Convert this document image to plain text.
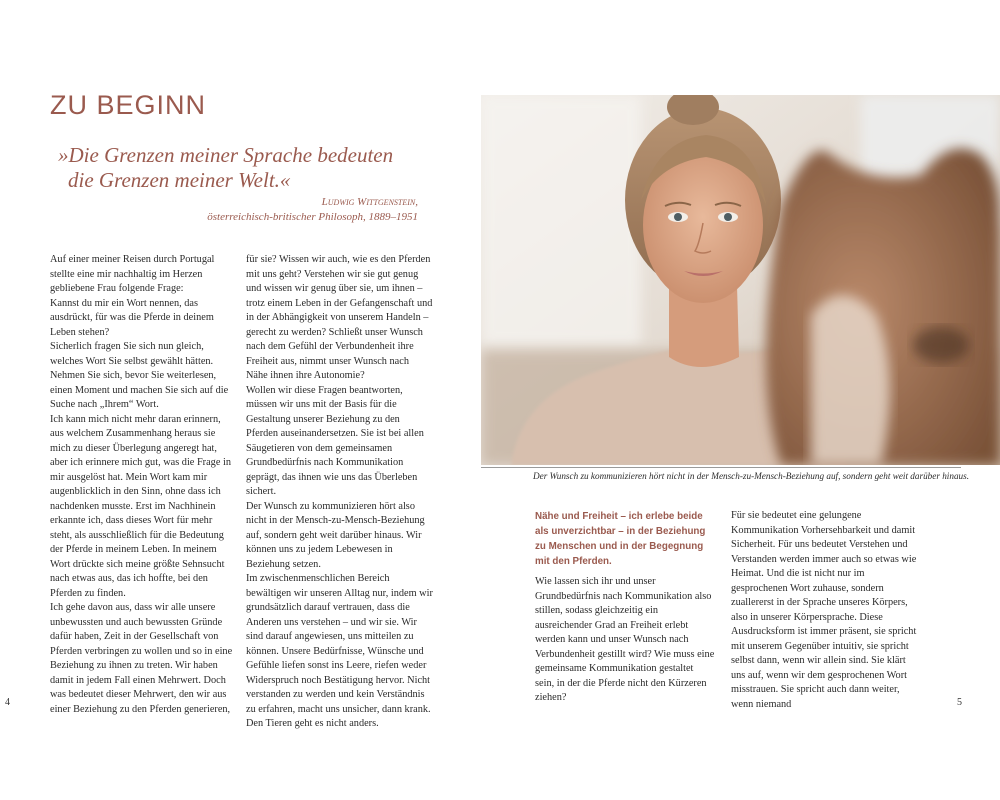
ZU BEGINN
»Die Grenzen meiner Sprache bedeuten
die Grenzen meiner Welt.«
Ludwig Wittgenstein,
österreichisch-britischer Philosoph, 1889–1951

Auf einer meiner Reisen durch Portugal stellte eine mir nachhaltig im Herzen gebliebene Frau folgende Frage:

Kannst du mir ein Wort nennen, das ausdrückt, für was die Pferde in deinem Leben stehen?

Sicherlich fragen Sie sich nun gleich, welches Wort Sie selbst gewählt hätten. Nehmen Sie sich, bevor Sie weiterlesen, einen Moment und machen Sie sich auf die Suche nach „Ihrem“ Wort.

Ich kann mich nicht mehr daran erinnern, aus welchem Zusammenhang heraus sie mich zu dieser Überlegung angeregt hat, aber ich erinnere mich gut, was die Frage in mir ausgelöst hat. Mein Wort kam mir augenblicklich in den Sinn, ohne dass ich nachdenken musste. Erst im Nachhinein erkannte ich, dass dieses Wort für mehr steht, als ausschließlich für die Bedeutung der Pferde in meinem Leben. In meinem Wort drückte sich meine größte Sehnsucht nach etwas aus, das ich hoffte, bei den Pferden zu finden.

Ich gehe davon aus, dass wir alle unsere unbewussten und auch bewussten Gründe dafür haben, Zeit in der Gesellschaft von Pferden verbringen zu wollen und so in eine Beziehung zu ihnen zu treten. Wir haben damit in jedem Fall einen Mehrwert. Doch was bedeutet dieser Mehrwert, den wir aus einer Beziehung zu den Pferden generieren,

für sie? Wissen wir auch, wie es den Pferden mit uns geht? Verstehen wir sie gut genug und wissen wir genug über sie, um ihnen – trotz einem Leben in der Gefangenschaft und in der Abhängigkeit von unserem Handeln – gerecht zu werden? Schließt unser Wunsch nach dem Gefühl der Verbundenheit ihre Freiheit aus, nimmt unser Wunsch nach Nähe ihnen ihre Autonomie?

Wollen wir diese Fragen beantworten, müssen wir uns mit der Basis für die Gestaltung unserer Beziehung zu den Pferden auseinandersetzen. Sie ist bei allen Säugetieren von dem gemeinsamen Grundbedürfnis nach Kommunikation geprägt, das ihnen wie uns das Überleben sichert.

Der Wunsch zu kommunizieren hört also nicht in der Mensch-zu-Mensch-Beziehung auf, sondern geht weit darüber hinaus. Wir können uns zu jedem Lebewesen in Beziehung setzen.

Im zwischenmenschlichen Bereich bewältigen wir unseren Alltag nur, indem wir grundsätzlich darauf vertrauen, dass die Anderen uns verstehen – und wir sie. Wir sind darauf angewiesen, uns mitteilen zu können. Unsere Bedürfnisse, Wünsche und Gefühle liefen sonst ins Leere, riefen weder Widerspruch noch Bestätigung hervor. Nicht verstanden zu werden und kein Verständnis zu erfahren, macht uns unsicher, dann krank. Den Tieren geht es nicht anders.

4
Der Wunsch zu kommunizieren hört nicht in der Mensch-zu-Mensch-Beziehung auf, sondern geht weit darüber hinaus.
Nähe und Freiheit – ich erlebe beide als unverzichtbar – in der Beziehung zu Menschen und in der Begegnung mit den Pferden.

Wie lassen sich ihr und unser Grundbedürfnis nach Kommunikation also stillen, sodass gleichzeitig ein ausreichender Grad an Freiheit erlebt werden kann und unser Wunsch nach Verbundenheit gestillt wird? Wie muss eine gemeinsame Kommunikation gestaltet sein, in der die Pferde nicht den Kürzeren ziehen?

Für sie bedeutet eine gelungene Kommunikation Vorhersehbarkeit und damit Sicherheit. Für uns bedeutet Verstehen und Verstanden werden immer auch so etwas wie Heimat. Und die ist nicht nur im gesprochenen Wort zuhause, sondern zuallererst in der Sprache unseres Körpers, also in unserer Körpersprache. Diese Ausdrucksform ist immer präsent, sie spricht mit unserem Gegenüber intuitiv, sie spricht selbst dann, wenn wir allein sind. Sie klärt uns auf, wenn wir dem gesprochenen Wort misstrauen. Sie spricht auch dann weiter, wenn niemand	5
